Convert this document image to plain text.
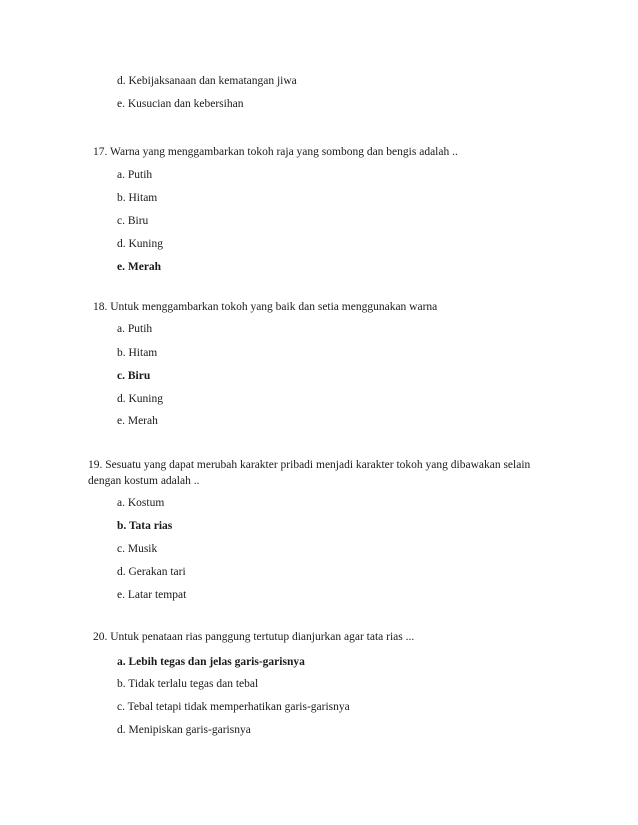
d. Kebijaksanaan dan kematangan jiwa
e. Kusucian dan kebersihan
17. Warna yang menggambarkan tokoh raja yang sombong dan bengis adalah ..
a. Putih
b. Hitam
c. Biru
d. Kuning
e. Merah
18. Untuk menggambarkan tokoh yang baik dan setia menggunakan warna
a. Putih
b. Hitam
c. Biru
d. Kuning
e. Merah
19. Sesuatu yang dapat merubah karakter pribadi menjadi karakter tokoh yang dibawakan selain dengan kostum adalah ..
a. Kostum
b. Tata rias
c. Musik
d. Gerakan tari
e. Latar tempat
20. Untuk penataan rias panggung tertutup dianjurkan agar tata rias ...
a. Lebih tegas dan jelas garis-garisnya
b. Tidak terlalu tegas dan tebal
c. Tebal tetapi tidak memperhatikan garis-garisnya
d. Menipiskan garis-garisnya
